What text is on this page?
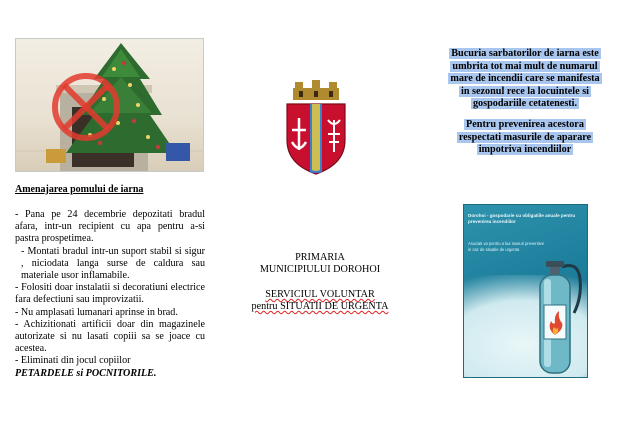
Amenajarea pomului de iarna

- Pana pe 24 decembrie depozitati bradul afara, intr-un recipient cu apa pentru a-si pastra prospetimea.

- Montati bradul intr-un suport stabil si sigur , niciodata langa surse de caldura sau materiale usor inflamabile.

- Folositi doar instalatii si decoratiuni electrice fara defectiuni sau improvizatii.

- Nu amplasati lumanari aprinse in brad.

- Achizitionati artificii doar din magazinele autorizate si nu lasati copiii sa se joace cu acestea.

- Eliminati din jocul copiilor
PETARDELE si POCNITORILE.

PRIMARIA
MUNICIPIULUI DOROHOI
SERVICIUL VOLUNTAR
pentru SITUATII DE URGENTA

Bucuria sarbatorilor de iarna este
umbrita tot mai mult de numarul
mare de incendii care se manifesta
in sezonul rece la locuintele si
gospodariile cetatenesti.

Pentru prevenirea acestora
respectati masurile de aparare
impotriva incendiilor

Dorohoi - gospodarie cu obligatiile anuale pentru prevenirea incendiilor
Asociati va pentru a lua masuri preventive in caz de situatie de urgenta
